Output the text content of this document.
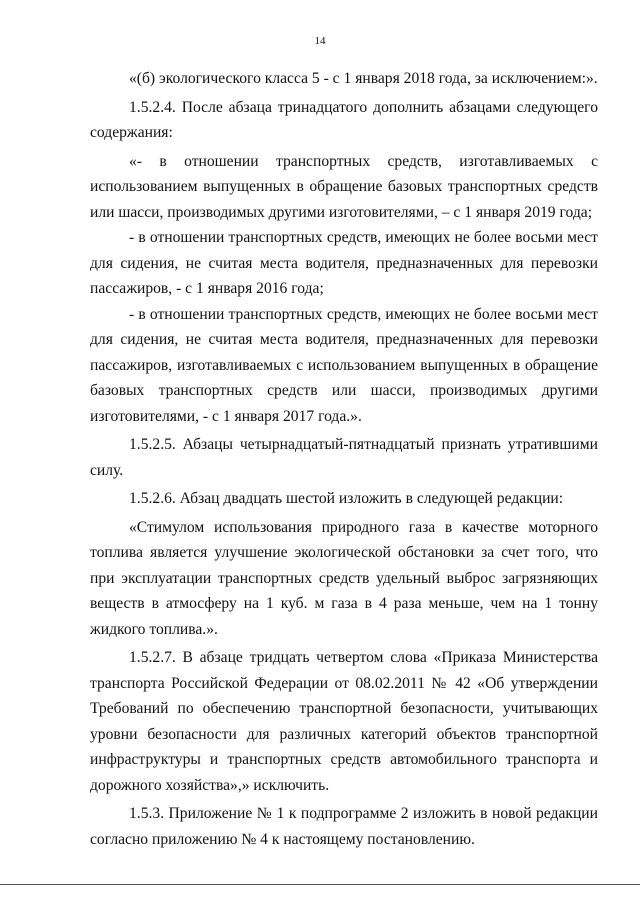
14

«(б) экологического класса 5 - с 1 января 2018 года, за исключением:».

1.5.2.4. После абзаца тринадцатого дополнить абзацами следующего содержания:

«- в отношении транспортных средств, изготавливаемых с использованием выпущенных в обращение базовых транспортных средств или шасси, производимых другими изготовителями, – с 1 января 2019 года;

- в отношении транспортных средств, имеющих не более восьми мест для сидения, не считая места водителя, предназначенных для перевозки пассажиров, - с 1 января 2016 года;

- в отношении транспортных средств, имеющих не более восьми мест для сидения, не считая места водителя, предназначенных для перевозки пассажиров, изготавливаемых с использованием выпущенных в обращение базовых транспортных средств или шасси, производимых другими изготовителями, - с 1 января 2017 года.».

1.5.2.5. Абзацы четырнадцатый-пятнадцатый признать утратившими силу.

1.5.2.6. Абзац двадцать шестой изложить в следующей редакции:

«Стимулом использования природного газа в качестве моторного топлива является улучшение экологической обстановки за счет того, что при эксплуатации транспортных средств удельный выброс загрязняющих веществ в атмосферу на 1 куб. м газа в 4 раза меньше, чем на 1 тонну жидкого топлива.».

1.5.2.7. В абзаце тридцать четвертом слова «Приказа Министерства транспорта Российской Федерации от 08.02.2011 № 42 «Об утверждении Требований по обеспечению транспортной безопасности, учитывающих уровни безопасности для различных категорий объектов транспортной инфраструктуры и транспортных средств автомобильного транспорта и дорожного хозяйства»,» исключить.

1.5.3. Приложение № 1 к подпрограмме 2 изложить в новой редакции согласно приложению № 4 к настоящему постановлению.
